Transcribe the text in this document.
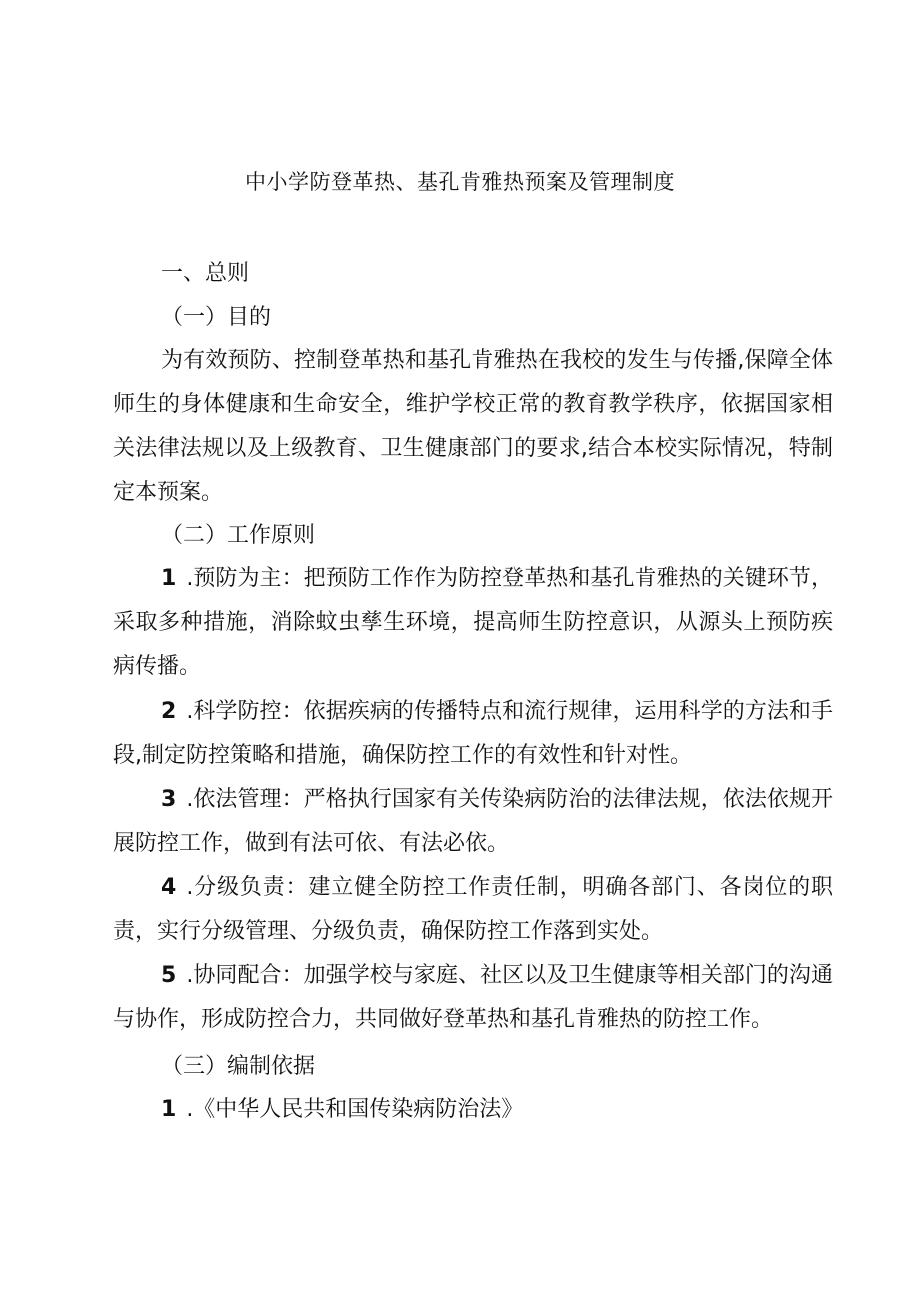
中小学防登革热、基孔肯雅热预案及管理制度
一、总则
（一）目的

为有效预防、控制登革热和基孔肯雅热在我校的发生与传播,保障全体师生的身体健康和生命安全，维护学校正常的教育教学秩序，依据国家相关法律法规以及上级教育、卫生健康部门的要求,结合本校实际情况，特制定本预案。

（二）工作原则

1 .预防为主：把预防工作作为防控登革热和基孔肯雅热的关键环节，采取多种措施，消除蚊虫孳生环境，提高师生防控意识，从源头上预防疾病传播。

2 .科学防控：依据疾病的传播特点和流行规律，运用科学的方法和手段,制定防控策略和措施，确保防控工作的有效性和针对性。

3 .依法管理：严格执行国家有关传染病防治的法律法规，依法依规开展防控工作，做到有法可依、有法必依。

4 .分级负责：建立健全防控工作责任制，明确各部门、各岗位的职责，实行分级管理、分级负责，确保防控工作落到实处。

5 .协同配合：加强学校与家庭、社区以及卫生健康等相关部门的沟通与协作，形成防控合力，共同做好登革热和基孔肯雅热的防控工作。

（三）编制依据

1 .《中华人民共和国传染病防治法》
